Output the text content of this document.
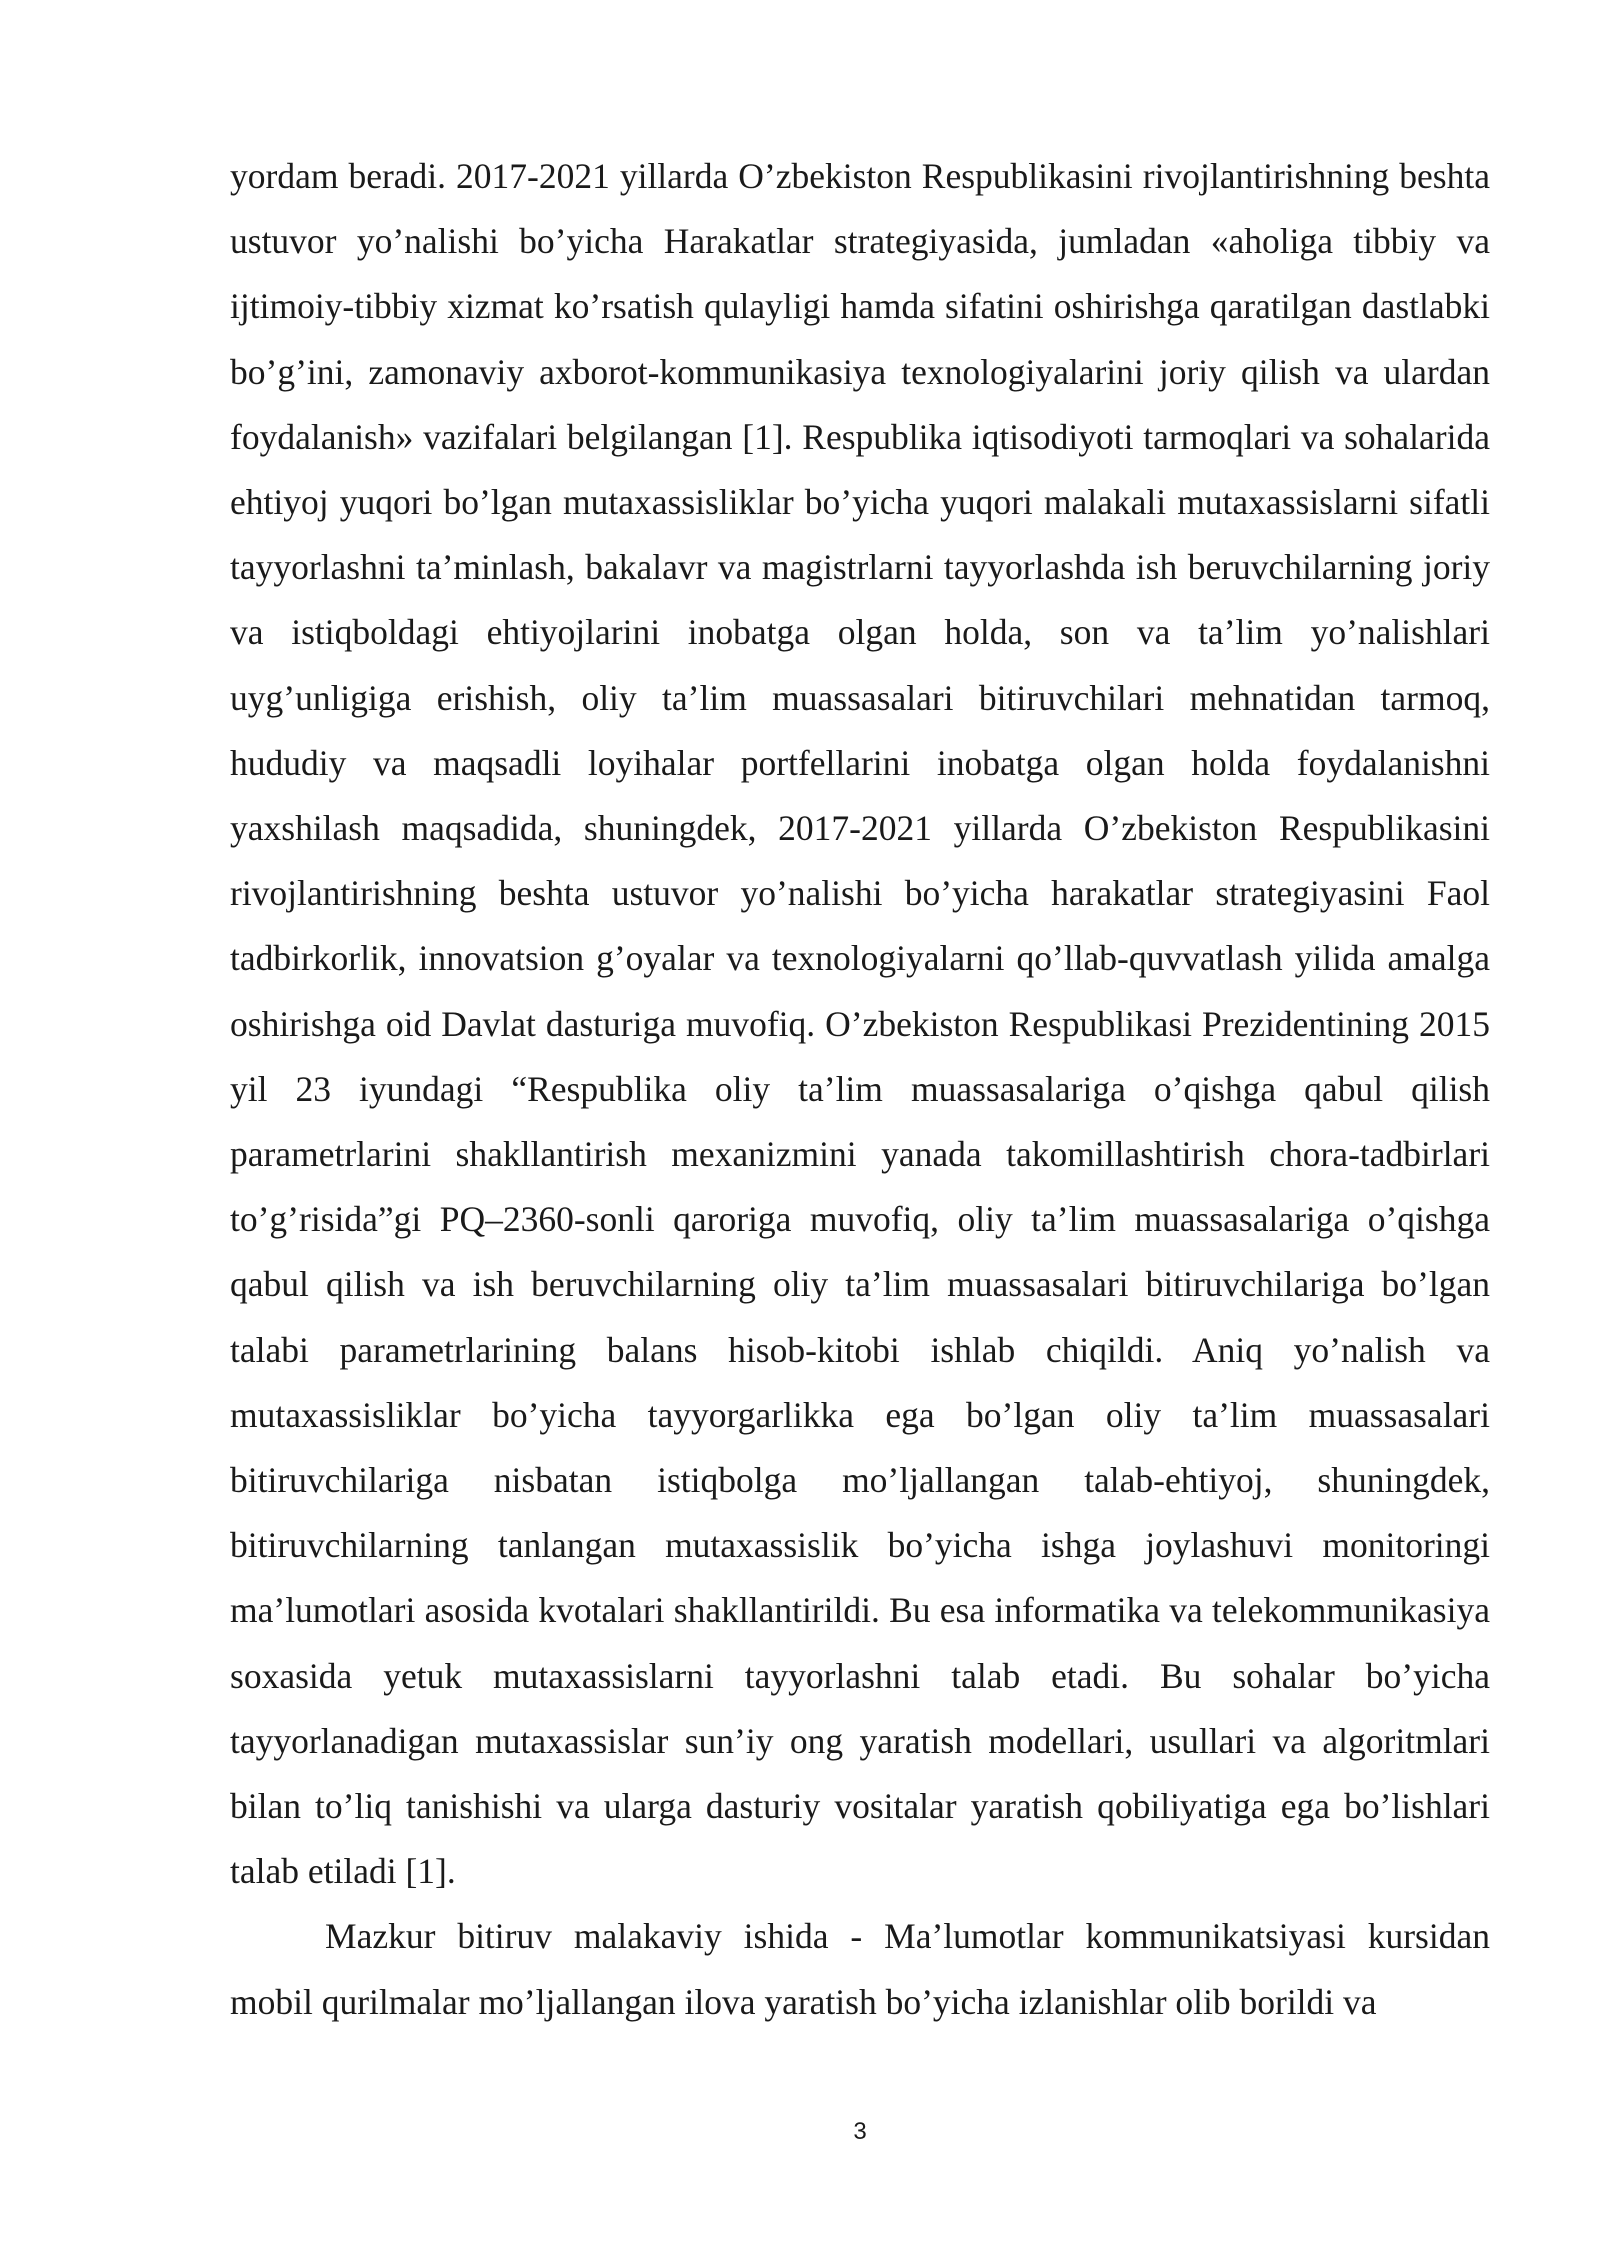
yordam beradi. 2017-2021 yillarda O’zbekiston Respublikasini rivojlantirishning beshta ustuvor yo’nalishi bo’yicha Harakatlar strategiyasida, jumladan «aholiga tibbiy va ijtimoiy-tibbiy xizmat ko’rsatish qulayligi hamda sifatini oshirishga qaratilgan dastlabki bo’g’ini, zamonaviy axborot-kommunikasiya texnologiyalarini joriy qilish va ulardan foydalanish» vazifalari belgilangan [1]. Respublika iqtisodiyoti tarmoqlari va sohalarida ehtiyoj yuqori bo’lgan mutaxassisliklar bo’yicha yuqori malakali mutaxassislarni sifatli tayyorlashni ta’minlash, bakalavr va magistrlarni tayyorlashda ish beruvchilarning joriy va istiqboldagi ehtiyojlarini inobatga olgan holda, son va ta’lim yo’nalishlari uyg’unligiga erishish, oliy ta’lim muassasalari bitiruvchilari mehnatidan tarmoq, hududiy va maqsadli loyihalar portfellarini inobatga olgan holda foydalanishni yaxshilash maqsadida, shuningdek, 2017-2021 yillarda O’zbekiston Respublikasini rivojlantirishning beshta ustuvor yo’nalishi bo’yicha harakatlar strategiyasini Faol tadbirkorlik, innovatsion g’oyalar va texnologiyalarni qo’llab-quvvatlash yilida amalga oshirishga oid Davlat dasturiga muvofiq. O’zbekiston Respublikasi Prezidentining 2015 yil 23 iyundagi “Respublika oliy ta’lim muassasalariga o’qishga qabul qilish parametrlarini shakllantirish mexanizmini yanada takomillashtirish chora-tadbirlari to’g’risida”gi PQ–2360-sonli qaroriga muvofiq, oliy ta’lim muassasalariga o’qishga qabul qilish va ish beruvchilarning oliy ta’lim muassasalari bitiruvchilariga bo’lgan talabi parametrlarining balans hisob-kitobi ishlab chiqildi. Aniq yo’nalish va mutaxassisliklar bo’yicha tayyorgarlikka ega bo’lgan oliy ta’lim muassasalari bitiruvchilariga nisbatan istiqbolga mo’ljallangan talab-ehtiyoj, shuningdek, bitiruvchilarning tanlangan mutaxassislik bo’yicha ishga joylashuvi monitoringi ma’lumotlari asosida kvotalari shakllantirildi. Bu esa informatika va telekommunikasiya soxasida yetuk mutaxassislarni tayyorlashni talab etadi. Bu sohalar bo’yicha tayyorlanadigan mutaxassislar sun’iy ong yaratish modellari, usullari va algoritmlari bilan to’liq tanishishi va ularga dasturiy vositalar yaratish qobiliyatiga ega bo’lishlari talab etiladi [1].

Mazkur bitiruv malakaviy ishida - Ma’lumotlar kommunikatsiyasi kursidan mobil qurilmalar mo’ljallangan ilova yaratish bo’yicha izlanishlar olib borildi va

3
